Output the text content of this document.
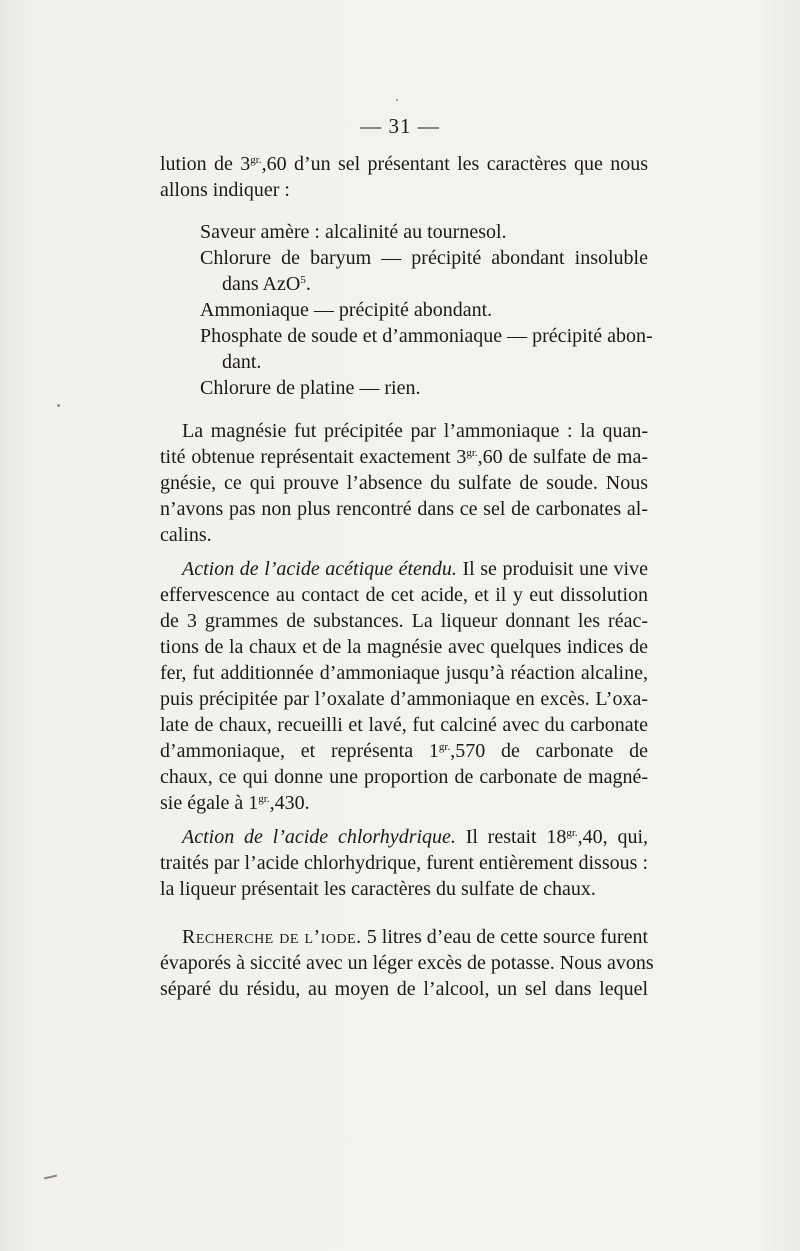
— 31 —
lution de $3^{gr.},60$ d’un sel présentant les caractères que nous
allons indiquer :
Saveur amère : alcalinité au tournesol.
Chlorure de baryum — précipité abondant insoluble
dans AzO$^5$.
Ammoniaque — précipité abondant.
Phosphate de soude et d’ammoniaque — précipité abon-
dant.
Chlorure de platine — rien.
La magnésie fut précipitée par l’ammoniaque : la quan-
tité obtenue représentait exactement $3^{gr.},60$ de sulfate de ma-
gnésie, ce qui prouve l’absence du sulfate de soude. Nous
n’avons pas non plus rencontré dans ce sel de carbonates al-
calins.
Action de l’acide acétique étendu. Il se produisit une vive
effervescence au contact de cet acide, et il y eut dissolution
de 3 grammes de substances. La liqueur donnant les réac-
tions de la chaux et de la magnésie avec quelques indices de
fer, fut additionnée d’ammoniaque jusqu’à réaction alcaline,
puis précipitée par l’oxalate d’ammoniaque en excès. L’oxa-
late de chaux, recueilli et lavé, fut calciné avec du carbonate
d’ammoniaque, et représenta $1^{gr.},570$ de carbonate de
chaux, ce qui donne une proportion de carbonate de magné-
sie égale à $1^{gr.},430$.
Action de l’acide chlorhydrique. Il restait $18^{gr.},40$, qui,
traités par l’acide chlorhydrique, furent entièrement dissous :
la liqueur présentait les caractères du sulfate de chaux.
Recherche de l’iode. 5 litres d’eau de cette source furent
évaporés à siccité avec un léger excès de potasse. Nous avons
séparé du résidu, au moyen de l’alcool, un sel dans lequel
